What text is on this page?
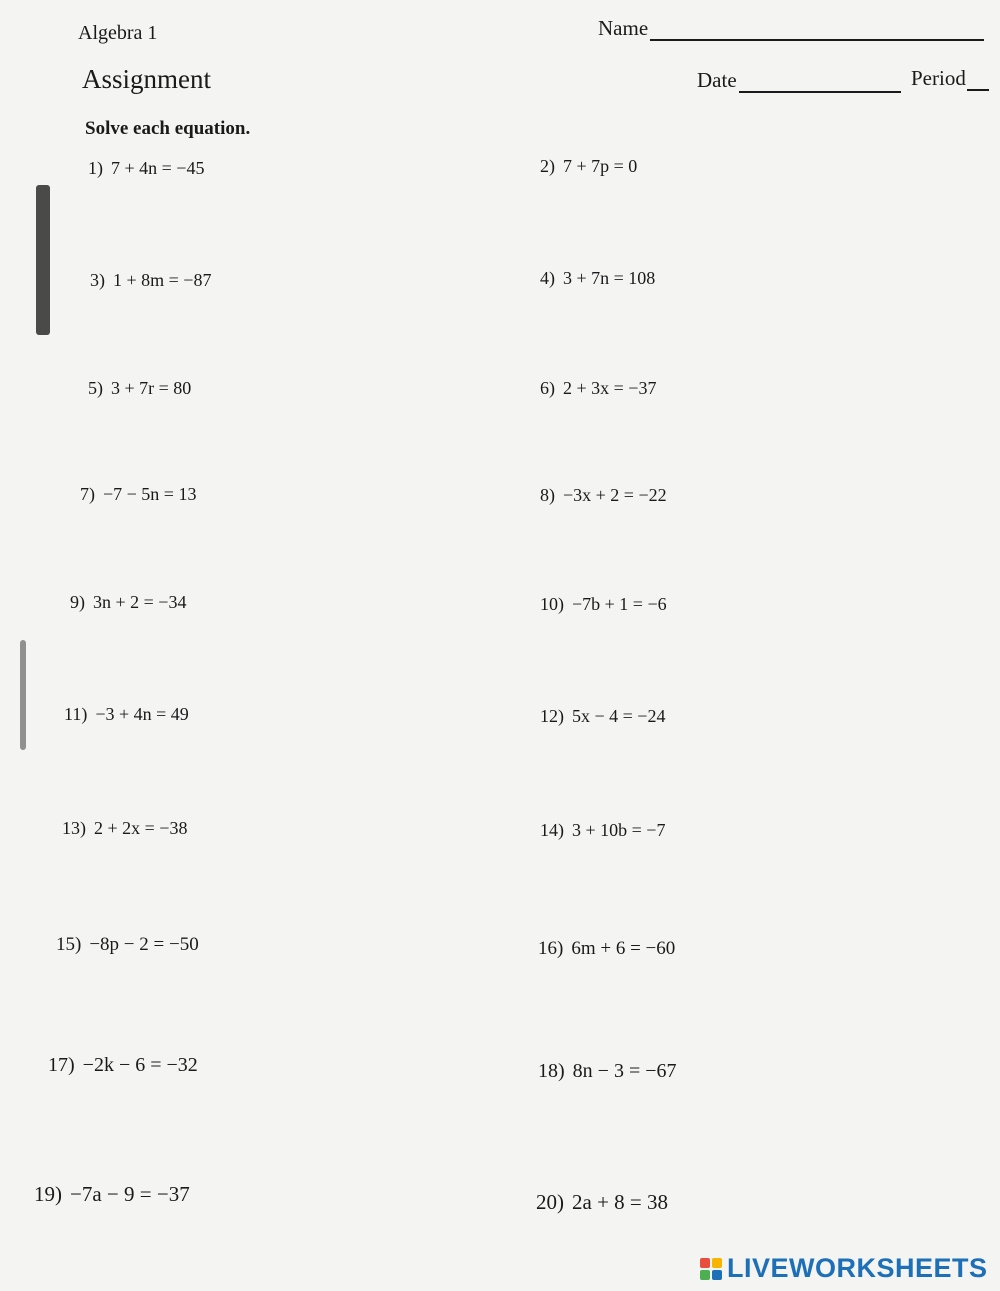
Algebra 1
Assignment
Name
Date	Period
Solve each equation.
1) 7 + 4n = −45	2) 7 + 7p = 0
3) 1 + 8m = −87	4) 3 + 7n = 108
5) 3 + 7r = 80	6) 2 + 3x = −37
7) −7 − 5n = 13	8) −3x + 2 = −22
9) 3n + 2 = −34	10) −7b + 1 = −6
11) −3 + 4n = 49	12) 5x − 4 = −24
13) 2 + 2x = −38	14) 3 + 10b = −7
15) −8p − 2 = −50	16) 6m + 6 = −60
17) −2k − 6 = −32	18) 8n − 3 = −67
19) −7a − 9 = −37	20) 2a + 8 = 38
LIVEWORKSHEETS
